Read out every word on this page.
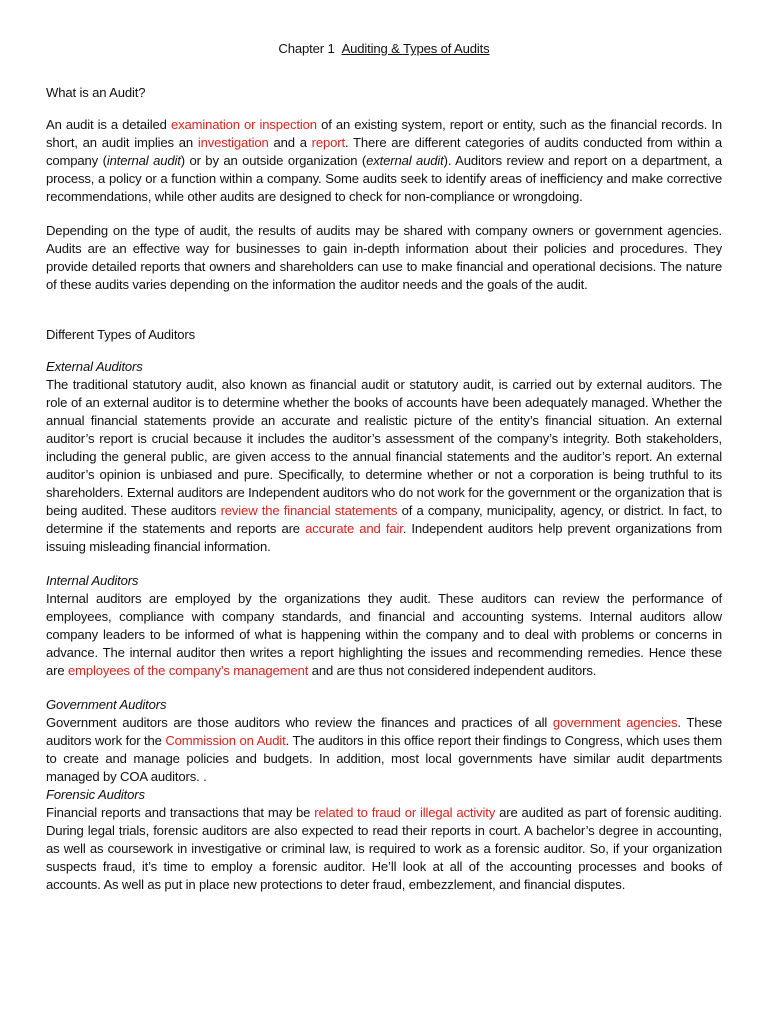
Chapter 1 Auditing & Types of Audits
What is an Audit?

An audit is a detailed examination or inspection of an existing system, report or entity, such as the financial records. In short, an audit implies an investigation and a report. There are different categories of audits conducted from within a company (internal audit) or by an outside organization (external audit). Auditors review and report on a department, a process, a policy or a function within a company. Some audits seek to identify areas of inefficiency and make corrective recommendations, while other audits are designed to check for non-compliance or wrongdoing.

Depending on the type of audit, the results of audits may be shared with company owners or government agencies. Audits are an effective way for businesses to gain in-depth information about their policies and procedures. They provide detailed reports that owners and shareholders can use to make financial and operational decisions. The nature of these audits varies depending on the information the auditor needs and the goals of the audit.

Different Types of Auditors
External Auditors

The traditional statutory audit, also known as financial audit or statutory audit, is carried out by external auditors. The role of an external auditor is to determine whether the books of accounts have been adequately managed. Whether the annual financial statements provide an accurate and realistic picture of the entity’s financial situation. An external auditor’s report is crucial because it includes the auditor’s assessment of the company’s integrity. Both stakeholders, including the general public, are given access to the annual financial statements and the auditor’s report. An external auditor’s opinion is unbiased and pure. Specifically, to determine whether or not a corporation is being truthful to its shareholders. External auditors are Independent auditors who do not work for the government or the organization that is being audited. These auditors review the financial statements of a company, municipality, agency, or district. In fact, to determine if the statements and reports are accurate and fair. Independent auditors help prevent organizations from issuing misleading financial information.

Internal Auditors

Internal auditors are employed by the organizations they audit. These auditors can review the performance of employees, compliance with company standards, and financial and accounting systems. Internal auditors allow company leaders to be informed of what is happening within the company and to deal with problems or concerns in advance. The internal auditor then writes a report highlighting the issues and recommending remedies. Hence these are employees of the company’s management and are thus not considered independent auditors.

Government Auditors

Government auditors are those auditors who review the finances and practices of all government agencies. These auditors work for the Commission on Audit. The auditors in this office report their findings to Congress, which uses them to create and manage policies and budgets. In addition, most local governments have similar audit departments managed by COA auditors. .

Forensic Auditors

Financial reports and transactions that may be related to fraud or illegal activity are audited as part of forensic auditing. During legal trials, forensic auditors are also expected to read their reports in court. A bachelor’s degree in accounting, as well as coursework in investigative or criminal law, is required to work as a forensic auditor. So, if your organization suspects fraud, it’s time to employ a forensic auditor. He’ll look at all of the accounting processes and books of accounts. As well as put in place new protections to deter fraud, embezzlement, and financial disputes.
